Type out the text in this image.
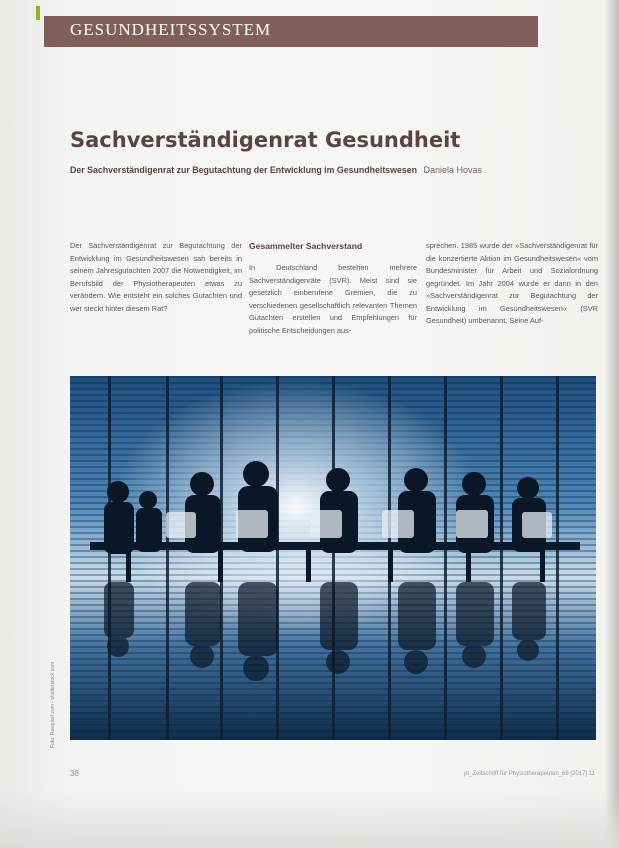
GESUNDHEITSSYSTEM
Sachverständigenrat Gesundheit
Der Sachverständigenrat zur Begutachtung der Entwicklung im Gesundheitswesen Daniela Hovas

Der Sachverständigenrat zur Begutachtung der Entwicklung im Gesundheitswesen sah bereits in seinem Jahresgutachten 2007 die Notwendigkeit, im Berufsbild der Physiotherapeuten etwas zu verändern. Wie entsteht ein solches Gutachten und wer steckt hinter diesem Rat?

Gesammelter Sachverstand

In Deutschland bestehen mehrere Sachverständigenräte (SVR). Meist sind sie gesetzlich einberufene Gremien, die zu verschiedenen gesellschaftlich relevanten Themen Gutachten erstellen und Empfehlungen für politische Entscheidungen aus-

sprechen. 1985 wurde der »Sachverständigenrat für die konzertierte Aktion im Gesundheitswesen« vom Bundesminister für Arbeit und Sozialordnung gegründet. Im Jahr 2004 wurde er dann in den »Sachverständigenrat zur Begutachtung der Entwicklung im Gesundheitswesen« (SVR Gesundheit) umbenannt. Seine Auf-

Foto: Rawpixel.com - shutterstock.com
38	pt_Zeitschrift für Physiotherapeuten_69 [2017] 11
